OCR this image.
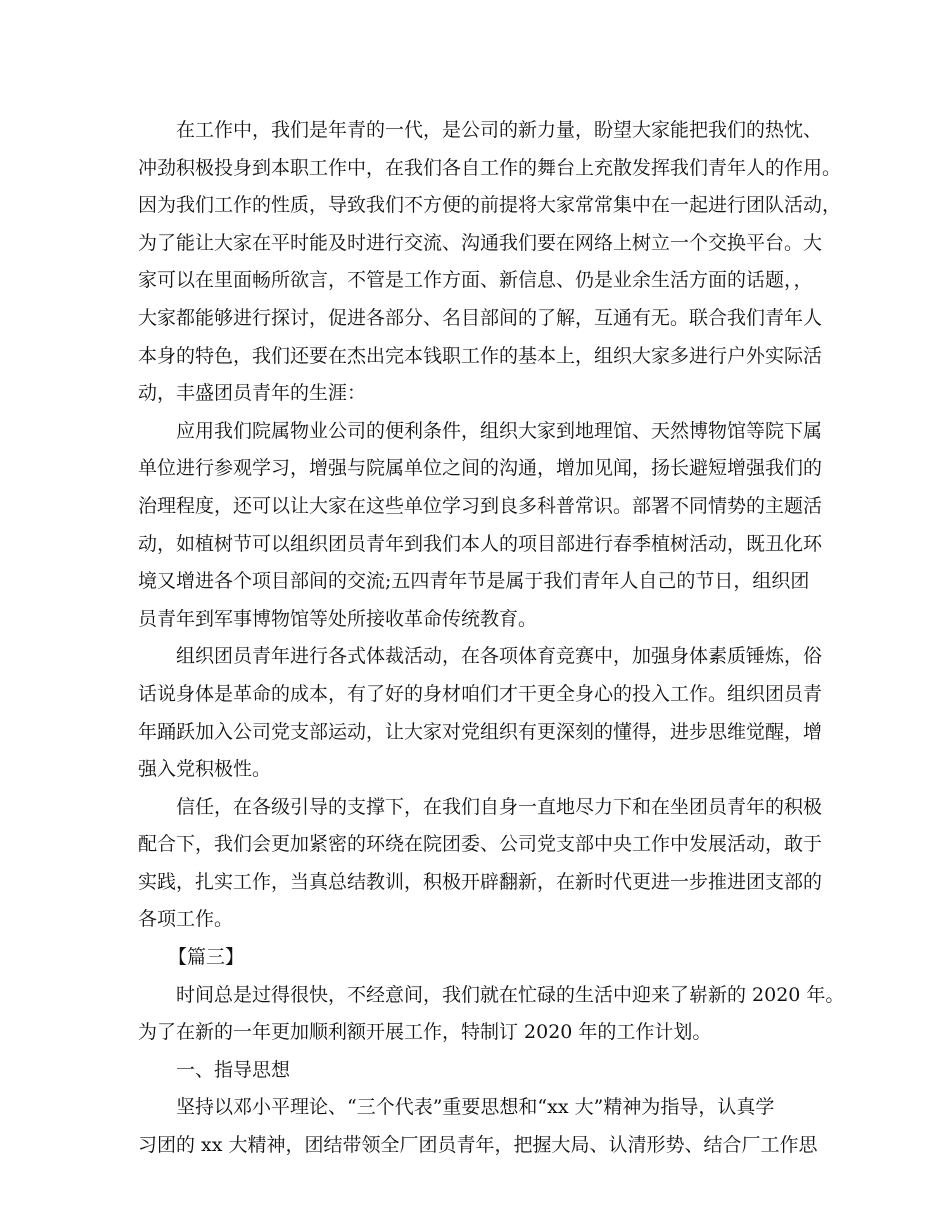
在工作中，我们是年青的一代，是公司的新力量，盼望大家能把我们的热忱、
冲劲积极投身到本职工作中，在我们各自工作的舞台上充散发挥我们青年人的作用。
因为我们工作的性质，导致我们不方便的前提将大家常常集中在一起进行团队活动，
为了能让大家在平时能及时进行交流、沟通我们要在网络上树立一个交换平台。大
家可以在里面畅所欲言，不管是工作方面、新信息、仍是业余生活方面的话题，，
大家都能够进行探讨，促进各部分、名目部间的了解，互通有无。联合我们青年人
本身的特色，我们还要在杰出完本钱职工作的基本上，组织大家多进行户外实际活
动，丰盛团员青年的生涯：
应用我们院属物业公司的便利条件，组织大家到地理馆、天然博物馆等院下属
单位进行参观学习，增强与院属单位之间的沟通，增加见闻，扬长避短增强我们的
治理程度，还可以让大家在这些单位学习到良多科普常识。部署不同情势的主题活
动，如植树节可以组织团员青年到我们本人的项目部进行春季植树活动，既丑化环
境又增进各个项目部间的交流;五四青年节是属于我们青年人自己的节日，组织团
员青年到军事博物馆等处所接收革命传统教育。
组织团员青年进行各式体裁活动，在各项体育竞赛中，加强身体素质锤炼，俗
话说身体是革命的成本，有了好的身材咱们才干更全身心的投入工作。组织团员青
年踊跃加入公司党支部运动，让大家对党组织有更深刻的懂得，进步思维觉醒，增
强入党积极性。
信任，在各级引导的支撑下，在我们自身一直地尽力下和在坐团员青年的积极
配合下，我们会更加紧密的环绕在院团委、公司党支部中央工作中发展活动，敢于
实践，扎实工作，当真总结教训，积极开辟翻新，在新时代更进一步推进团支部的
各项工作。
【篇三】
时间总是过得很快，不经意间，我们就在忙碌的生活中迎来了崭新的 2020 年。
为了在新的一年更加顺利额开展工作，特制订 2020 年的工作计划。
一、指导思想
坚持以邓小平理论、“三个代表”重要思想和“xx 大”精神为指导，认真学
习团的 xx 大精神，团结带领全厂团员青年，把握大局、认清形势、结合厂工作思
